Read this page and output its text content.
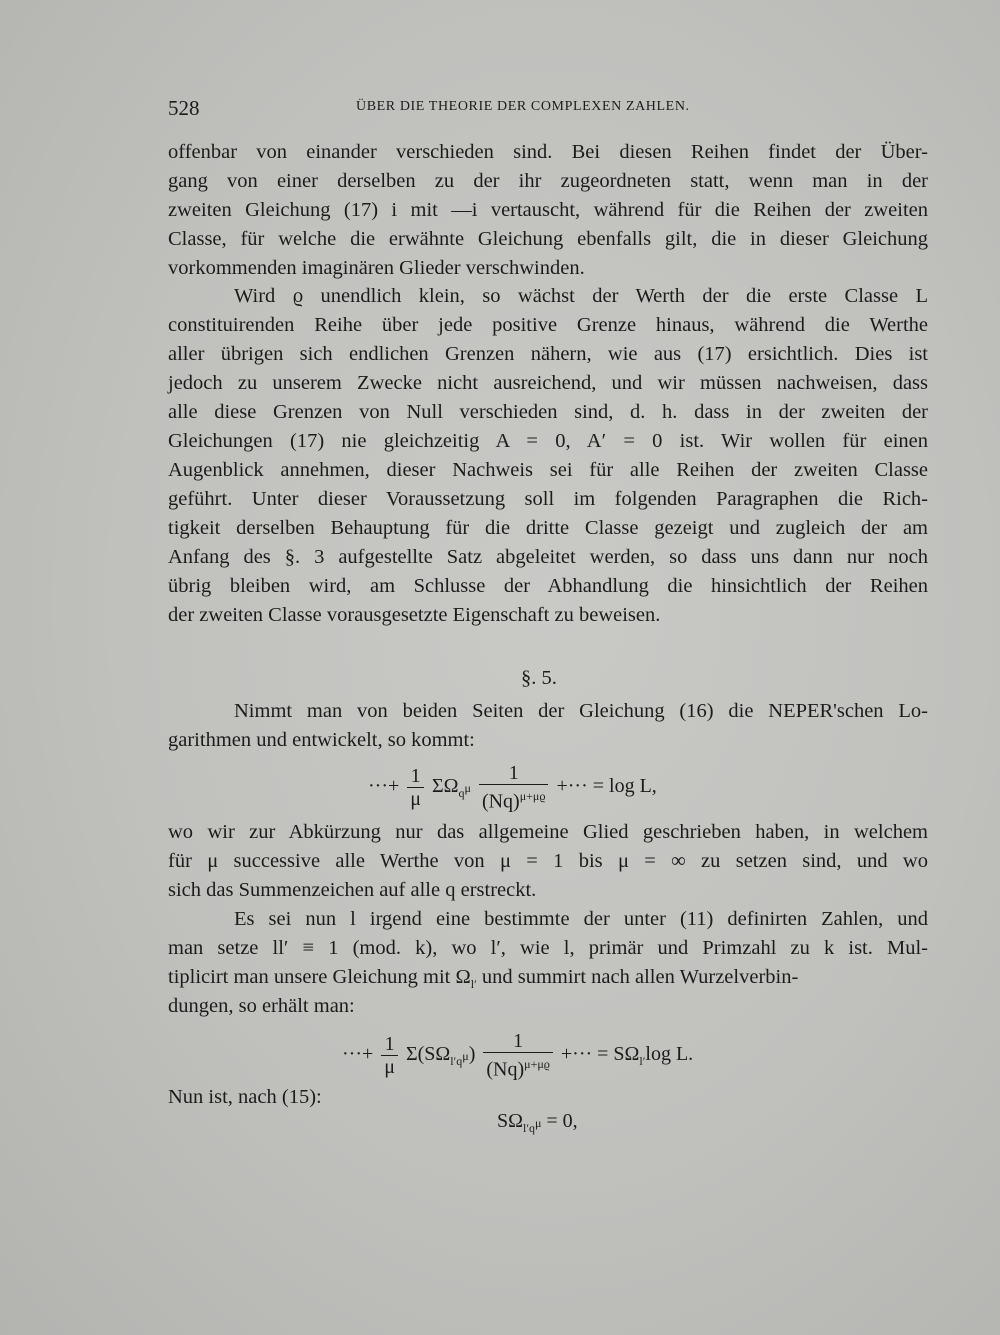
528	ÜBER DIE THEORIE DER COMPLEXEN ZAHLEN.
offenbar von einander verschieden sind. Bei diesen Reihen findet der Über-
gang von einer derselben zu der ihr zugeordneten statt, wenn man in der
zweiten Gleichung (17) i mit —i vertauscht, während für die Reihen der zweiten
Classe, für welche die erwähnte Gleichung ebenfalls gilt, die in dieser Gleichung
vorkommenden imaginären Glieder verschwinden.
Wird ϱ unendlich klein, so wächst der Werth der die erste Classe L
constituirenden Reihe über jede positive Grenze hinaus, während die Werthe
aller übrigen sich endlichen Grenzen nähern, wie aus (17) ersichtlich. Dies ist
jedoch zu unserem Zwecke nicht ausreichend, und wir müssen nachweisen, dass
alle diese Grenzen von Null verschieden sind, d. h. dass in der zweiten der
Gleichungen (17) nie gleichzeitig A = 0, A′ = 0 ist. Wir wollen für einen
Augenblick annehmen, dieser Nachweis sei für alle Reihen der zweiten Classe
geführt. Unter dieser Voraussetzung soll im folgenden Paragraphen die Rich-
tigkeit derselben Behauptung für die dritte Classe gezeigt und zugleich der am
Anfang des §. 3 aufgestellte Satz abgeleitet werden, so dass uns dann nur noch
übrig bleiben wird, am Schlusse der Abhandlung die hinsichtlich der Reihen
der zweiten Classe vorausgesetzte Eigenschaft zu beweisen.
§. 5.
Nimmt man von beiden Seiten der Gleichung (16) die NEPER'schen Lo-
garithmen und entwickelt, so kommt:
···+ $\frac{1}{\mu} \Sigma\Omega_{q^\mu} \frac{1}{(Nq)^{\mu+\mu ϱ}}$ +··· = log L,
wo wir zur Abkürzung nur das allgemeine Glied geschrieben haben, in welchem
für μ successive alle Werthe von μ = 1 bis μ = ∞ zu setzen sind, und wo
sich das Summenzeichen auf alle q erstreckt.
Es sei nun l irgend eine bestimmte der unter (11) definirten Zahlen, und
man setze ll′ ≡ 1 (mod. k), wo l′, wie l, primär und Primzahl zu k ist. Mul-
tiplicirt man unsere Gleichung mit $\Omega_{l'}$ und summirt nach allen Wurzelverbin-
dungen, so erhält man:
···+ $\frac{1}{\mu} \Sigma(S\Omega_{l'q^\mu}) \frac{1}{(Nq)^{\mu+\mu ϱ}}$ +··· = $S\Omega_{l'}\log$ L.
Nun ist, nach (15):
$S\Omega_{l'q^\mu} = 0$,
